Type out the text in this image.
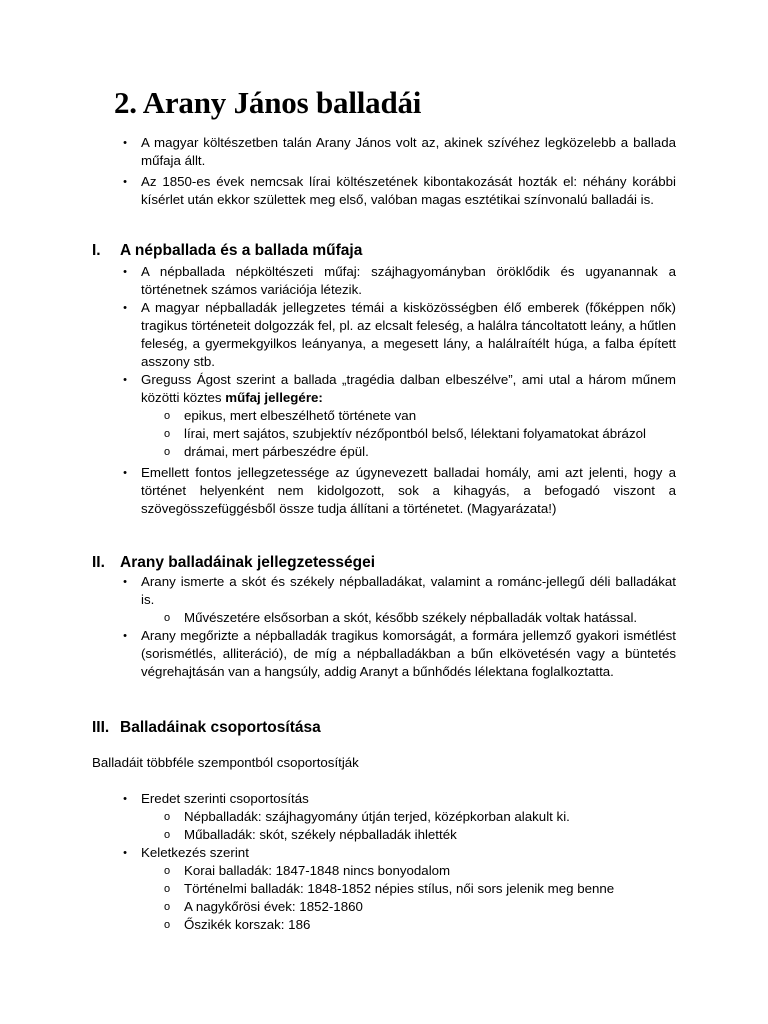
2. Arany János balladái
• A magyar költészetben talán Arany János volt az, akinek szívéhez legközelebb a ballada műfaja állt.
• Az 1850-es évek nemcsak lírai költészetének kibontakozását hozták el: néhány korábbi kísérlet után ekkor születtek meg első, valóban magas esztétikai színvonalú balladái is.
I. A népballada és a ballada műfaja
• A népballada népköltészeti műfaj: szájhagyományban öröklődik és ugyanannak a történetnek számos variációja létezik.
• A magyar népballadák jellegzetes témái a kisközösségben élő emberek (főképpen nők) tragikus történeteit dolgozzák fel, pl. az elcsalt feleség, a halálra táncoltatott leány, a hűtlen feleség, a gyermekgyilkos leányanya, a megesett lány, a halálraítélt húga, a falba épített asszony stb.
• Greguss Ágost szerint a ballada „tragédia dalban elbeszélve”, ami utal a három műnem közötti köztes műfaj jellegére:
o epikus, mert elbeszélhető története van
o lírai, mert sajátos, szubjektív nézőpontból belső, lélektani folyamatokat ábrázol
o drámai, mert párbeszédre épül.
• Emellett fontos jellegzetessége az úgynevezett balladai homály, ami azt jelenti, hogy a történet helyenként nem kidolgozott, sok a kihagyás, a befogadó viszont a szövegösszefüggésből össze tudja állítani a történetet. (Magyarázata!)
II. Arany balladáinak jellegzetességei
• Arany ismerte a skót és székely népballadákat, valamint a románc-jellegű déli balladákat is.
o Művészetére elsősorban a skót, később székely népballadák voltak hatással.
• Arany megőrizte a népballadák tragikus komorságát, a formára jellemző gyakori ismétlést (sorismétlés, alliteráció), de míg a népballadákban a bűn elkövetésén vagy a büntetés végrehajtásán van a hangsúly, addig Aranyt a bűnhődés lélektana foglalkoztatta.
III. Balladáinak csoportosítása
Balladáit többféle szempontból csoportosítják
• Eredet szerinti csoportosítás
o Népballadák: szájhagyomány útján terjed, középkorban alakult ki.
o Műballadák: skót, székely népballadák ihlették
• Keletkezés szerint
o Korai balladák: 1847-1848 nincs bonyodalom
o Történelmi balladák: 1848-1852 népies stílus, női sors jelenik meg benne
o A nagykőrösi évek: 1852-1860
o Őszikék korszak: 186
